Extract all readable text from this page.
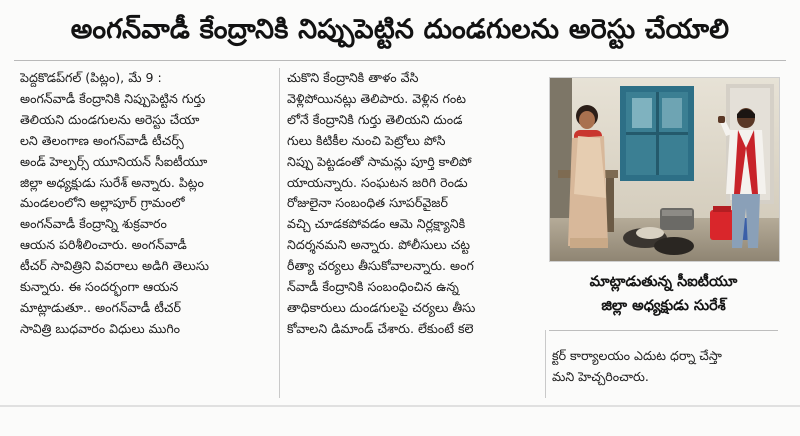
అంగన్‌వాడీ కేంద్రానికి నిప్పుపెట్టిన దుండగులను అరెస్టు చేయాలి

పెద్దకొడప్‌గల్ (పిట్లం), మే 9 :

అంగన్‌వాడీ కేంద్రానికి నిప్పుపెట్టిన గుర్తు

తెలియని దుండగులను అరెస్టు చేయా

లని తెలంగాణ అంగన్‌వాడీ టీచర్స్

అండ్ హెల్పర్స్ యూనియన్ సీఐటీయూ

జిల్లా అధ్యక్షుడు సురేశ్ అన్నారు. పిట్లం

మండలంలోని అల్లాపూర్ గ్రామంలో

అంగన్‌వాడీ కేంద్రాన్ని శుక్రవారం

ఆయన పరిశీలించారు. అంగన్‌వాడీ

టీచర్ సావిత్రిని వివరాలు అడిగి తెలుసు

కున్నారు. ఈ సందర్భంగా ఆయన

మాట్లాడుతూ.. అంగన్‌వాడీ టీచర్

సావిత్రి బుధవారం విధులు ముగిం

చుకొని కేంద్రానికి తాళం వేసి

వెళ్లిపోయినట్లు తెలిపారు. వెళ్లిన గంట

లోనే కేంద్రానికి గుర్తు తెలియని దుండ

గులు కిటికీల నుంచి పెట్రోలు పోసి

నిప్పు పెట్టడంతో సామన్లు పూర్తి కాలిపో

యాయన్నారు. సంఘటన జరిగి రెండు

రోజులైనా సంబంధిత సూపర్‌వైజర్

వచ్చి చూడకపోవడం ఆమె నిర్లక్ష్యానికి

నిదర్శనమని అన్నారు. పోలీసులు చట్ట

రీత్యా చర్యలు తీసుకోవాలన్నారు. అంగ

న్‌వాడీ కేంద్రానికి సంబంధించిన ఉన్న

తాధికారులు దుండగులపై చర్యలు తీసు

కోవాలని డిమాండ్ చేశారు. లేకుంటే కలె

మాట్లాడుతున్న సీఐటీయూ
జిల్లా అధ్యక్షుడు సురేశ్

క్టర్ కార్యాలయం ఎదుట ధర్నా చేస్తా

మని హెచ్చరించారు.
